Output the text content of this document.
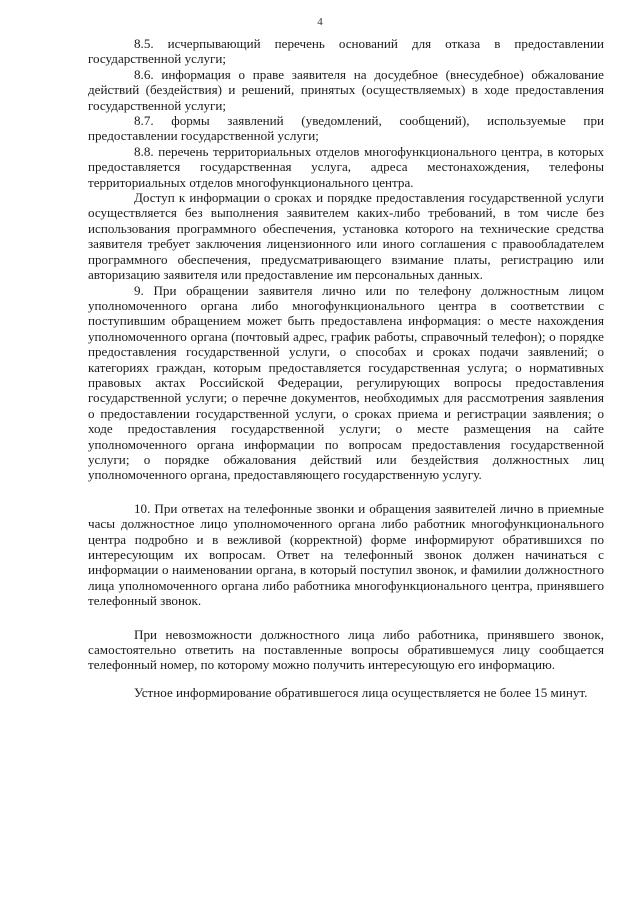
4

8.5. исчерпывающий перечень оснований для отказа в предоставлении государственной услуги;

8.6. информация о праве заявителя на досудебное (внесудебное) обжалование действий (бездействия) и решений, принятых (осуществляемых) в ходе предоставления государственной услуги;

8.7. формы заявлений (уведомлений, сообщений), используемые при предоставлении государственной услуги;

8.8. перечень территориальных отделов многофункционального центра, в которых предоставляется государственная услуга, адреса местонахождения, телефоны территориальных отделов многофункционального центра.

Доступ к информации о сроках и порядке предоставления государственной услуги осуществляется без выполнения заявителем каких-либо требований, в том числе без использования программного обеспечения, установка которого на технические средства заявителя требует заключения лицензионного или иного соглашения с правообладателем программного обеспечения, предусматривающего взимание платы, регистрацию или авторизацию заявителя или предоставление им персональных данных.

9. При обращении заявителя лично или по телефону должностным лицом уполномоченного органа либо многофункционального центра в соответствии с поступившим обращением может быть предоставлена информация: о месте нахождения уполномоченного органа (почтовый адрес, график работы, справочный телефон); о порядке предоставления государственной услуги, о способах и сроках подачи заявлений; о категориях граждан, которым предоставляется государственная услуга; о нормативных правовых актах Российской Федерации, регулирующих вопросы предоставления государственной услуги; о перечне документов, необходимых для рассмотрения заявления о предоставлении государственной услуги, о сроках приема и регистрации заявления; о ходе предоставления государственной услуги; о месте размещения на сайте уполномоченного органа информации по вопросам предоставления государственной услуги; о порядке обжалования действий или бездействия должностных лиц уполномоченного органа, предоставляющего государственную услугу.

10. При ответах на телефонные звонки и обращения заявителей лично в приемные часы должностное лицо уполномоченного органа либо работник многофункционального центра подробно и в вежливой (корректной) форме информируют обратившихся по интересующим их вопросам. Ответ на телефонный звонок должен начинаться с информации о наименовании органа, в который поступил звонок, и фамилии должностного лица уполномоченного органа либо работника многофункционального центра, принявшего телефонный звонок.

При невозможности должностного лица либо работника, принявшего звонок, самостоятельно ответить на поставленные вопросы обратившемуся лицу сообщается телефонный номер, по которому можно получить интересующую его информацию.

Устное информирование обратившегося лица осуществляется не более 15 минут.
